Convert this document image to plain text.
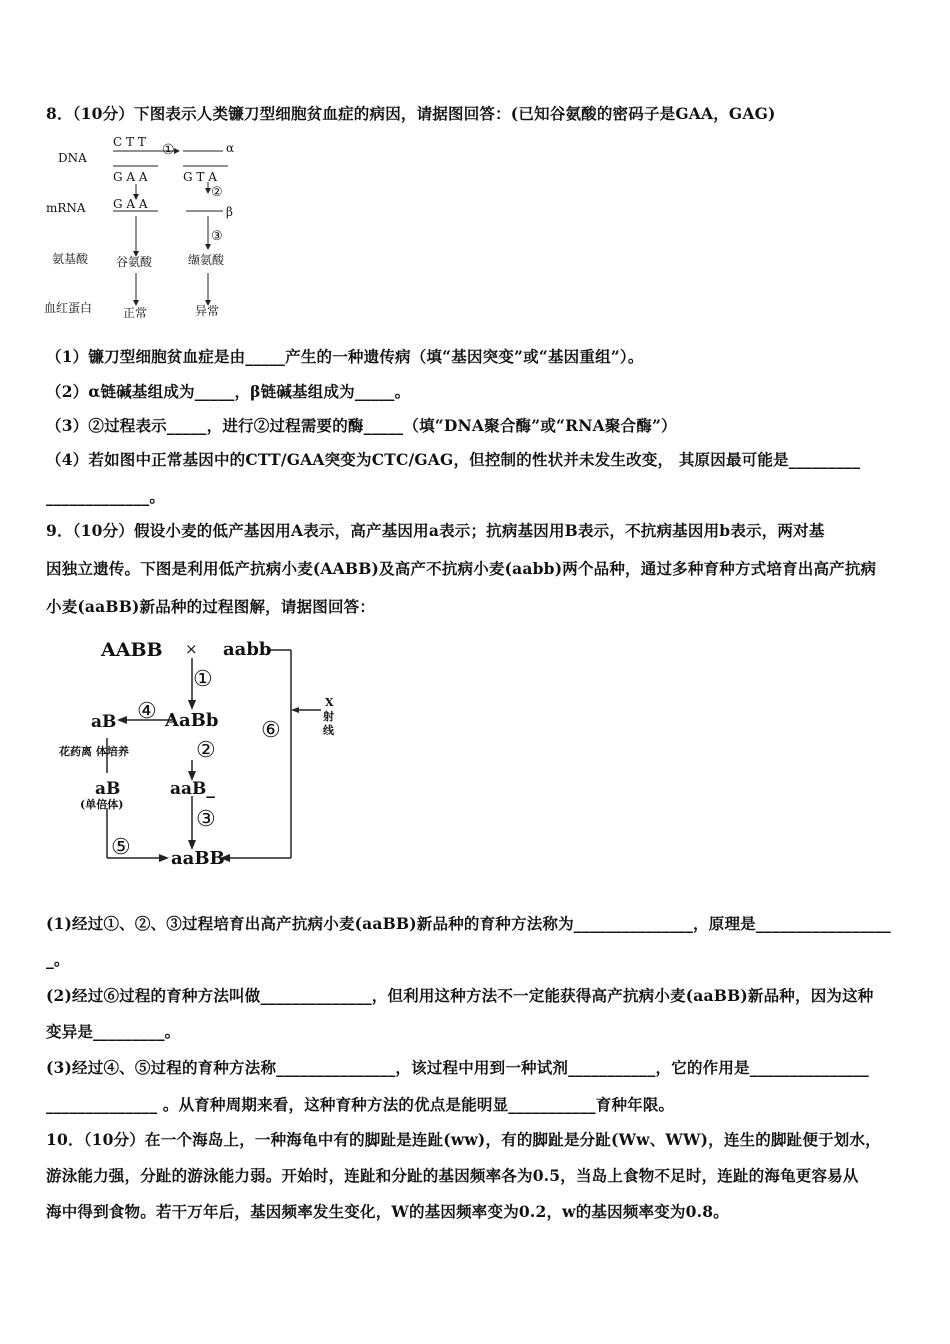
8．（10分）下图表示人类镰刀型细胞贫血症的病因，请据图回答：(已知谷氨酸的密码子是GAA，GAG)
DNA
mRNA
氨基酸
血红蛋白
C T T
G A A	G T A
G A A
①
②
③
α
β
谷氨酸	缬氨酸
正常	异常
（1）镰刀型细胞贫血症是由_____产生的一种遗传病（填“基因突变”或“基因重组”）。
（2）α链碱基组成为_____，β链碱基组成为_____。
（3）②过程表示_____，进行②过程需要的酶_____（填“DNA聚合酶”或“RNA聚合酶”）
（4）若如图中正常基因中的CTT/GAA突变为CTC/GAG，但控制的性状并未发生改变， 其原因最可能是_________
_____________。
9．（10分）假设小麦的低产基因用A表示，高产基因用a表示；抗病基因用B表示，不抗病基因用b表示，两对基
因独立遗传。下图是利用低产抗病小麦(AABB)及高产不抗病小麦(aabb)两个品种，通过多种育种方式培育出高产抗病
小麦(aaBB)新品种的过程图解，请据图回答：
AABB × aabb
AaBb
aB
aB
(单倍体)
aaB_
aaBB
花药离 体培养
X
射
线
①
②
③
④
⑤
⑥
(1)经过①、②、③过程培育出高产抗病小麦(aaBB)新品种的育种方法称为_______________，原理是_________________
_。
(2)经过⑥过程的育种方法叫做______________，但利用这种方法不一定能获得高产抗病小麦(aaBB)新品种，因为这种
变异是_________。
(3)经过④、⑤过程的育种方法称_______________，该过程中用到一种试剂___________，它的作用是_______________
______________ 。从育种周期来看，这种育种方法的优点是能明显___________育种年限。
10．（10分）在一个海岛上，一种海龟中有的脚趾是连趾(ww)，有的脚趾是分趾(Ww、WW)，连生的脚趾便于划水，
游泳能力强，分趾的游泳能力弱。开始时，连趾和分趾的基因频率各为0.5，当岛上食物不足时，连趾的海龟更容易从
海中得到食物。若干万年后，基因频率发生变化，W的基因频率变为0.2，w的基因频率变为0.8。
